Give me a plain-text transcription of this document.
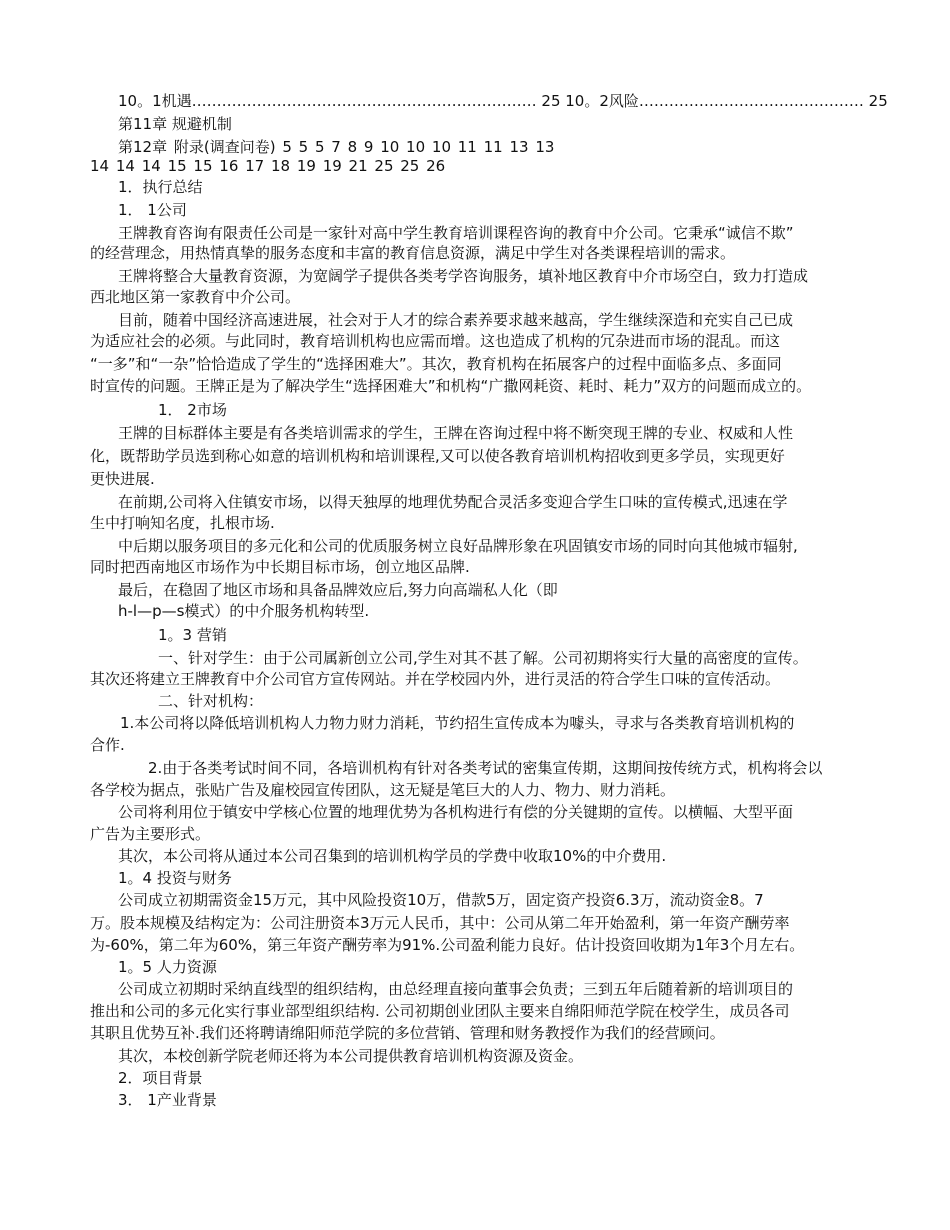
10。1机遇…………………………………………………………… 25 10。2风险……………………………………… 25
第11章 规避机制
第12章 附录(调查问卷) 5 5 5 7 8 9 10 10 10 11 11 13 13
14 14 14 15 15 16 17 18 19 19 21 25 25 26
1．执行总结
1． 1公司
王牌教育咨询有限责任公司是一家针对高中学生教育培训课程咨询的教育中介公司。它秉承“诚信不欺”
的经营理念，用热情真挚的服务态度和丰富的教育信息资源，满足中学生对各类课程培训的需求。
王牌将整合大量教育资源，为宽阔学子提供各类考学咨询服务，填补地区教育中介市场空白，致力打造成
西北地区第一家教育中介公司。
目前，随着中国经济高速进展，社会对于人才的综合素养要求越来越高，学生继续深造和充实自己已成
为适应社会的必须。与此同时，教育培训机构也应需而增。这也造成了机构的冗杂进而市场的混乱。而这
“一多”和“一杂”恰恰造成了学生的“选择困难大”。其次，教育机构在拓展客户的过程中面临多点、多面同
时宣传的问题。王牌正是为了解决学生“选择困难大”和机构“广撒网耗资、耗时、耗力”双方的问题而成立的。
1． 2市场
王牌的目标群体主要是有各类培训需求的学生，王牌在咨询过程中将不断突现王牌的专业、权威和人性
化，既帮助学员选到称心如意的培训机构和培训课程,又可以使各教育培训机构招收到更多学员，实现更好
更快进展.
在前期,公司将入住镇安市场，以得天独厚的地理优势配合灵活多变迎合学生口味的宣传模式,迅速在学
生中打响知名度，扎根市场.
中后期以服务项目的多元化和公司的优质服务树立良好品牌形象在巩固镇安市场的同时向其他城市辐射,
同时把西南地区市场作为中长期目标市场，创立地区品牌.
最后，在稳固了地区市场和具备品牌效应后,努力向高端私人化（即
h-l—p—s模式）的中介服务机构转型.
1。3 营销
一、针对学生：由于公司属新创立公司,学生对其不甚了解。公司初期将实行大量的高密度的宣传。
其次还将建立王牌教育中介公司官方宣传网站。并在学校园内外，进行灵活的符合学生口味的宣传活动。
二、针对机构：
1.本公司将以降低培训机构人力物力财力消耗，节约招生宣传成本为噱头，寻求与各类教育培训机构的
合作.
2.由于各类考试时间不同，各培训机构有针对各类考试的密集宣传期，这期间按传统方式，机构将会以
各学校为据点，张贴广告及雇校园宣传团队，这无疑是笔巨大的人力、物力、财力消耗。
公司将利用位于镇安中学核心位置的地理优势为各机构进行有偿的分关键期的宣传。以横幅、大型平面
广告为主要形式。
其次，本公司将从通过本公司召集到的培训机构学员的学费中收取10%的中介费用.
1。4 投资与财务
公司成立初期需资金15万元，其中风险投资10万，借款5万，固定资产投资6.3万，流动资金8。7
万。股本规模及结构定为：公司注册资本3万元人民币，其中：公司从第二年开始盈利，第一年资产酬劳率
为-60%，第二年为60%，第三年资产酬劳率为91%.公司盈利能力良好。估计投资回收期为1年3个月左右。
1。5 人力资源
公司成立初期时采纳直线型的组织结构，由总经理直接向董事会负责；三到五年后随着新的培训项目的
推出和公司的多元化实行事业部型组织结构. 公司初期创业团队主要来自绵阳师范学院在校学生，成员各司
其职且优势互补.我们还将聘请绵阳师范学院的多位营销、管理和财务教授作为我们的经营顾问。
其次，本校创新学院老师还将为本公司提供教育培训机构资源及资金。
2．项目背景
3． 1产业背景
